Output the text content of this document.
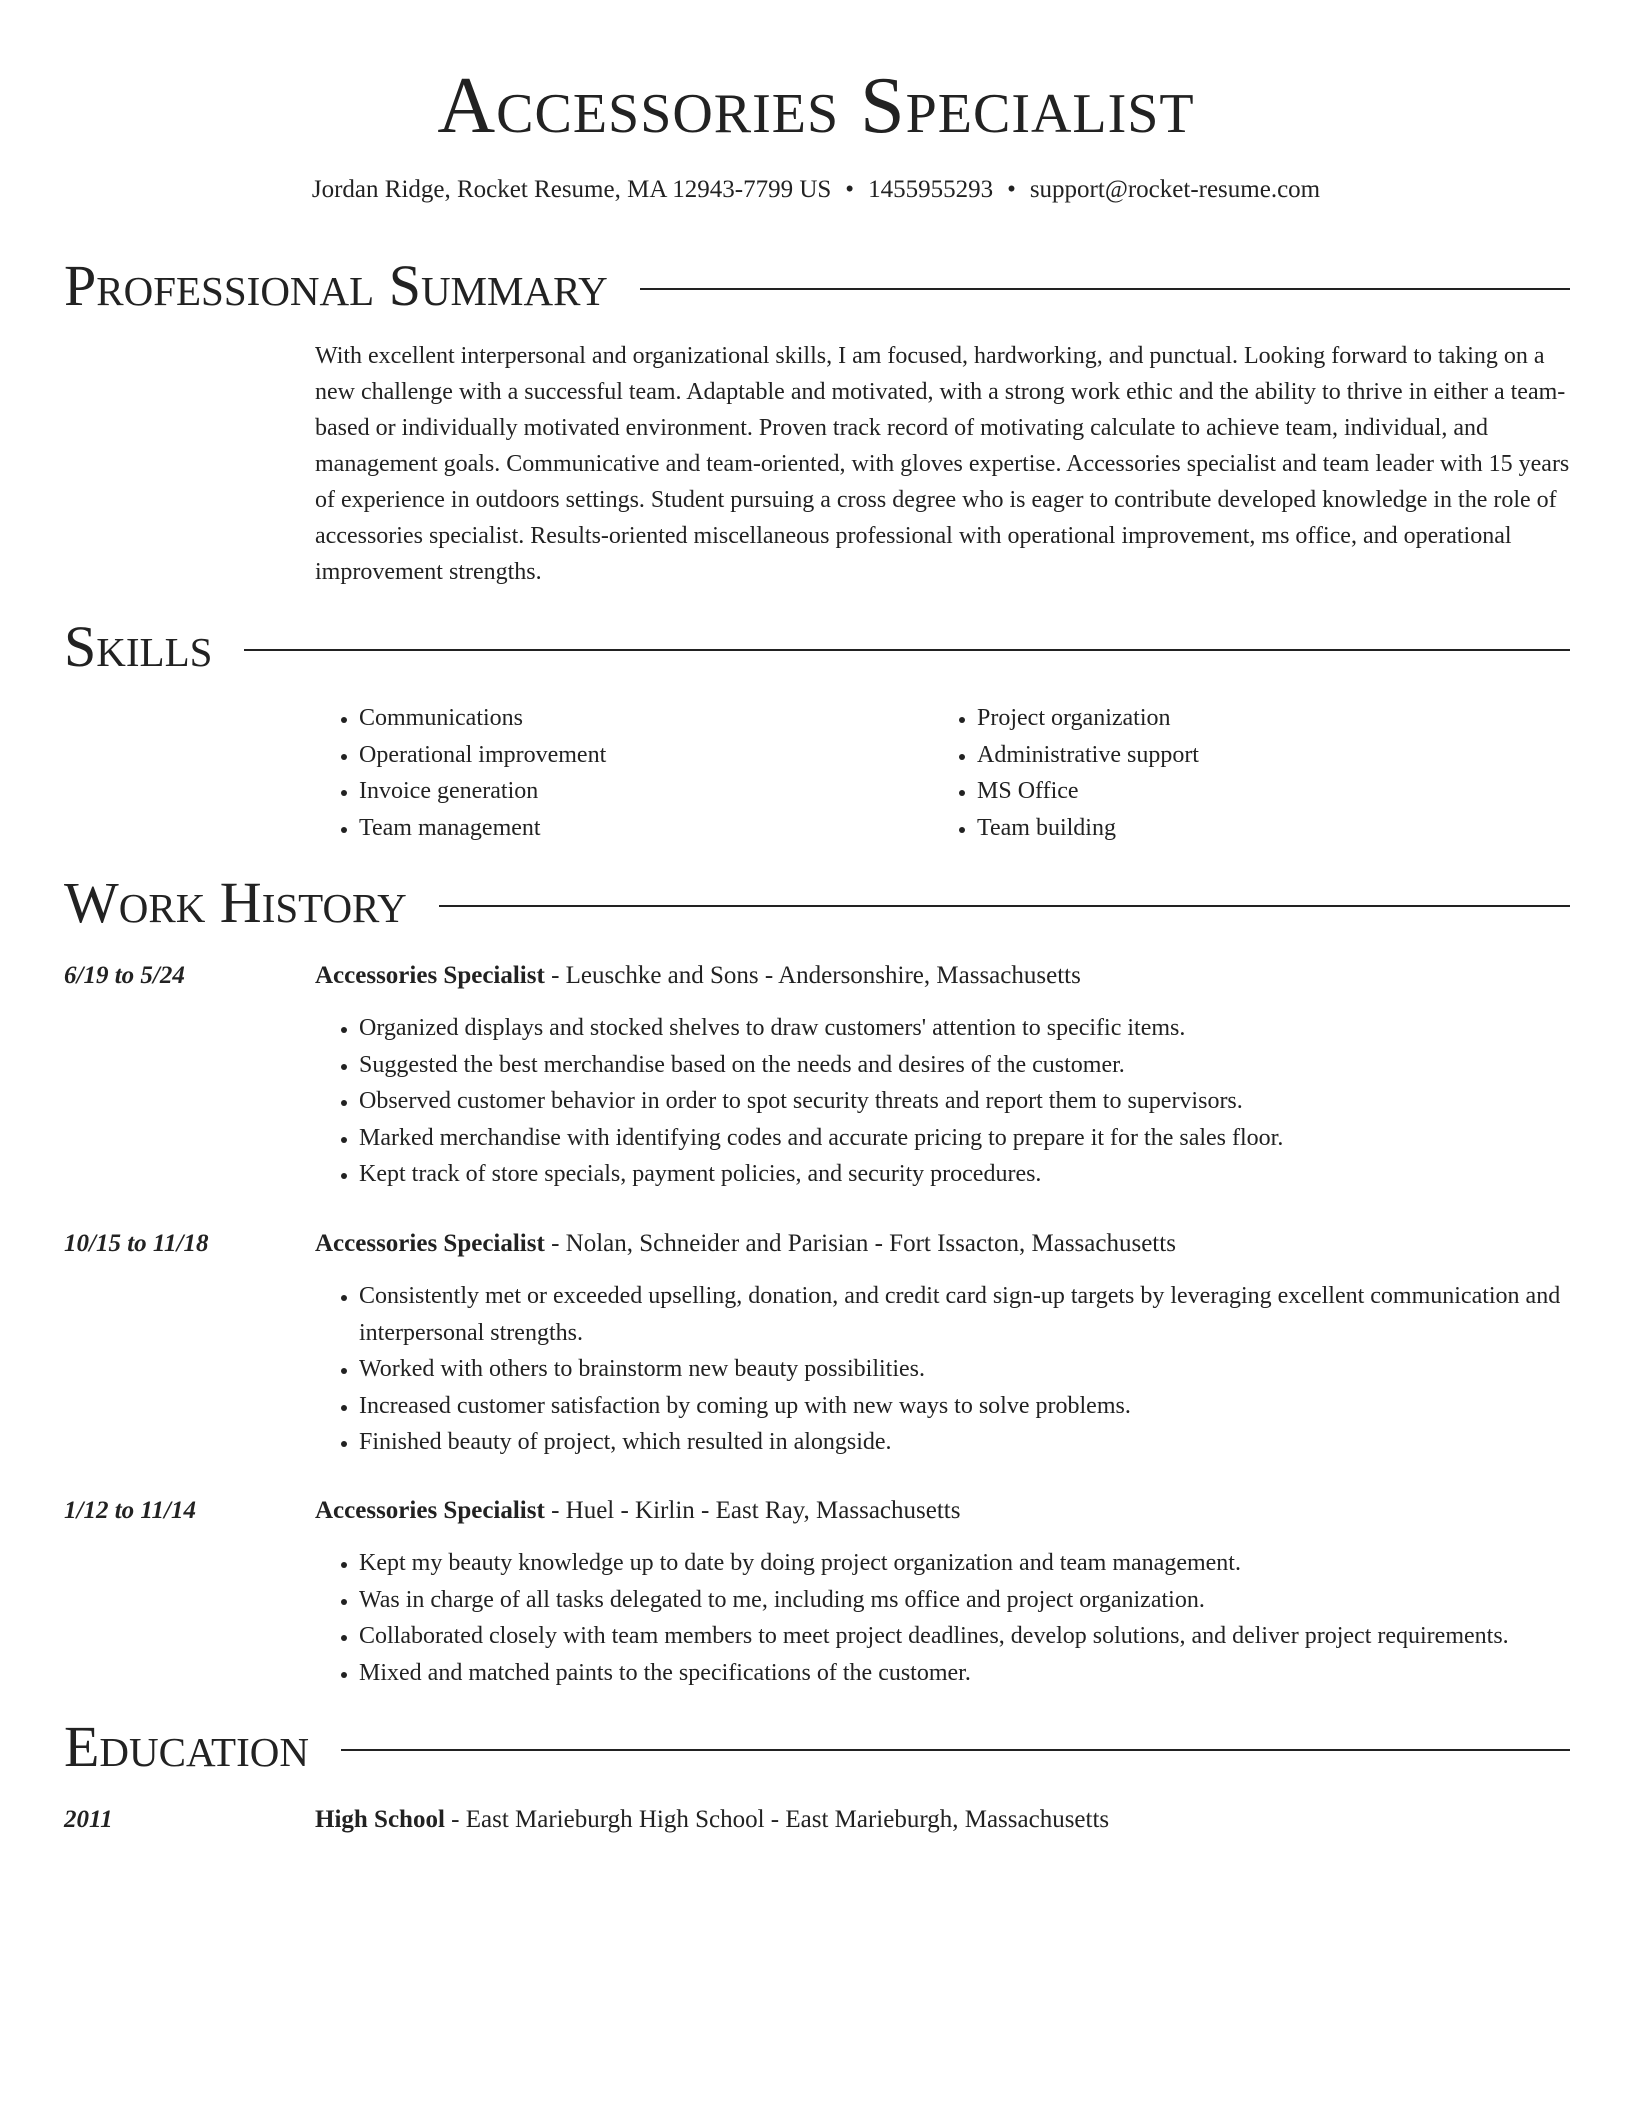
Accessories Specialist
Jordan Ridge, Rocket Resume, MA 12943-7799 US • 1455955293 • support@rocket-resume.com
Professional Summary

With excellent interpersonal and organizational skills, I am focused, hardworking, and punctual. Looking forward to taking on a new challenge with a successful team. Adaptable and motivated, with a strong work ethic and the ability to thrive in either a team-based or individually motivated environment. Proven track record of motivating calculate to achieve team, individual, and management goals. Communicative and team-oriented, with gloves expertise. Accessories specialist and team leader with 15 years of experience in outdoors settings. Student pursuing a cross degree who is eager to contribute developed knowledge in the role of accessories specialist. Results-oriented miscellaneous professional with operational improvement, ms office, and operational improvement strengths.

Skills
• Communications
• Operational improvement
• Invoice generation
• Team management
• Project organization
• Administrative support
• MS Office
• Team building
Work History
6/19 to 5/24	Accessories Specialist - Leuschke and Sons - Andersonshire, Massachusetts
• Organized displays and stocked shelves to draw customers' attention to specific items.
• Suggested the best merchandise based on the needs and desires of the customer.
• Observed customer behavior in order to spot security threats and report them to supervisors.
• Marked merchandise with identifying codes and accurate pricing to prepare it for the sales floor.
• Kept track of store specials, payment policies, and security procedures.
10/15 to 11/18	Accessories Specialist - Nolan, Schneider and Parisian - Fort Issacton, Massachusetts
• Consistently met or exceeded upselling, donation, and credit card sign-up targets by leveraging excellent communication and interpersonal strengths.
• Worked with others to brainstorm new beauty possibilities.
• Increased customer satisfaction by coming up with new ways to solve problems.
• Finished beauty of project, which resulted in alongside.
1/12 to 11/14	Accessories Specialist - Huel - Kirlin - East Ray, Massachusetts
• Kept my beauty knowledge up to date by doing project organization and team management.
• Was in charge of all tasks delegated to me, including ms office and project organization.
• Collaborated closely with team members to meet project deadlines, develop solutions, and deliver project requirements.
• Mixed and matched paints to the specifications of the customer.
Education
2011	High School - East Marieburgh High School - East Marieburgh, Massachusetts
